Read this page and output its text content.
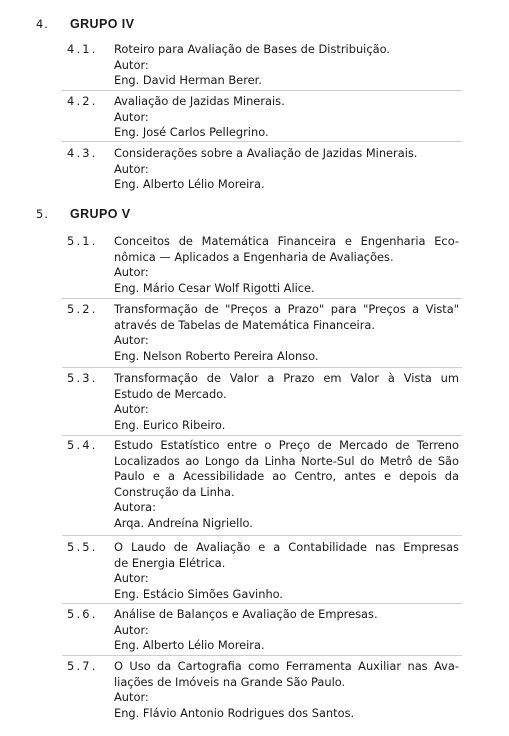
4. GRUPO IV
4.1. Roteiro para Avaliação de Bases de Distribuição.
Autor:
Eng. David Herman Berer.
4.2. Avaliação de Jazidas Minerais.
Autor:
Eng. José Carlos Pellegrino.
4.3. Considerações sobre a Avaliação de Jazidas Minerais.
Autor:
Eng. Alberto Lélio Moreira.
5. GRUPO V
5.1. Conceitos de Matemática Financeira e Engenharia Eco-
nômica — Aplicados a Engenharia de Avaliações.
Autor:
Eng. Mário Cesar Wolf Rigotti Alice.
5.2. Transformação de "Preços a Prazo" para "Preços a Vista"
através de Tabelas de Matemática Financeira.
Autor:
Eng. Nelson Roberto Pereira Alonso.
5.3. Transformação de Valor a Prazo em Valor à Vista um
Estudo de Mercado.
Autor:
Eng. Eurico Ribeiro.
5.4. Estudo Estatístico entre o Preço de Mercado de Terreno
Localizados ao Longo da Linha Norte-Sul do Metrô de São
Paulo e a Acessibilidade ao Centro, antes e depois da
Construção da Linha.
Autora:
Arqa. Andreína Nigriello.
5.5. O Laudo de Avaliação e a Contabilidade nas Empresas
de Energia Elétrica.
Autor:
Eng. Estácio Simões Gavinho.
5.6. Análise de Balanços e Avaliação de Empresas.
Autor:
Eng. Alberto Lélio Moreira.
5.7. O Uso da Cartografia como Ferramenta Auxiliar nas Ava-
liações de Imóveis na Grande São Paulo.
Autor:
Eng. Flávio Antonio Rodrigues dos Santos.
